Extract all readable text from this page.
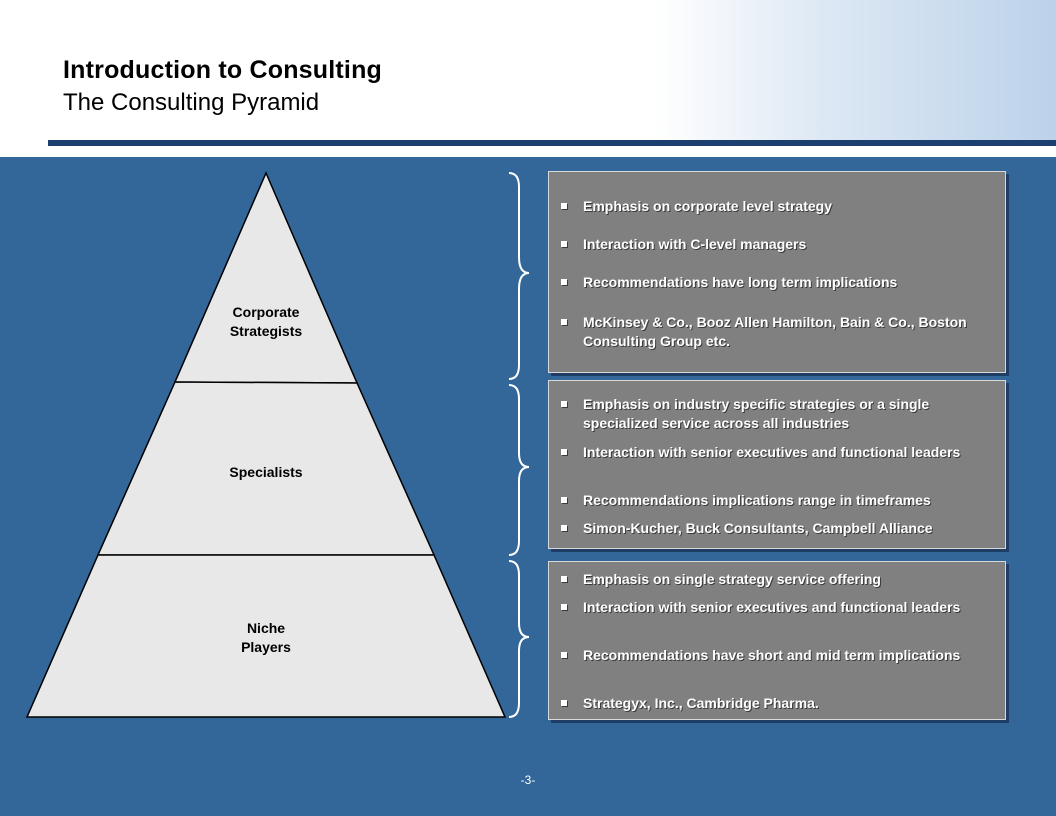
Introduction to Consulting
The Consulting Pyramid
Corporate
Strategists
Specialists
Niche
Players
Emphasis on corporate level strategy
Interaction with C-level managers
Recommendations have long term implications
McKinsey & Co., Booz Allen Hamilton, Bain & Co., Boston Consulting Group etc.
Emphasis on industry specific strategies or a single specialized service across all industries
Interaction with senior executives and functional leaders
Recommendations implications range in timeframes
Simon-Kucher, Buck Consultants, Campbell Alliance
Emphasis on single strategy service offering
Interaction with senior executives and functional leaders
Recommendations have short and mid term implications
Strategyx, Inc., Cambridge Pharma.
-3-
